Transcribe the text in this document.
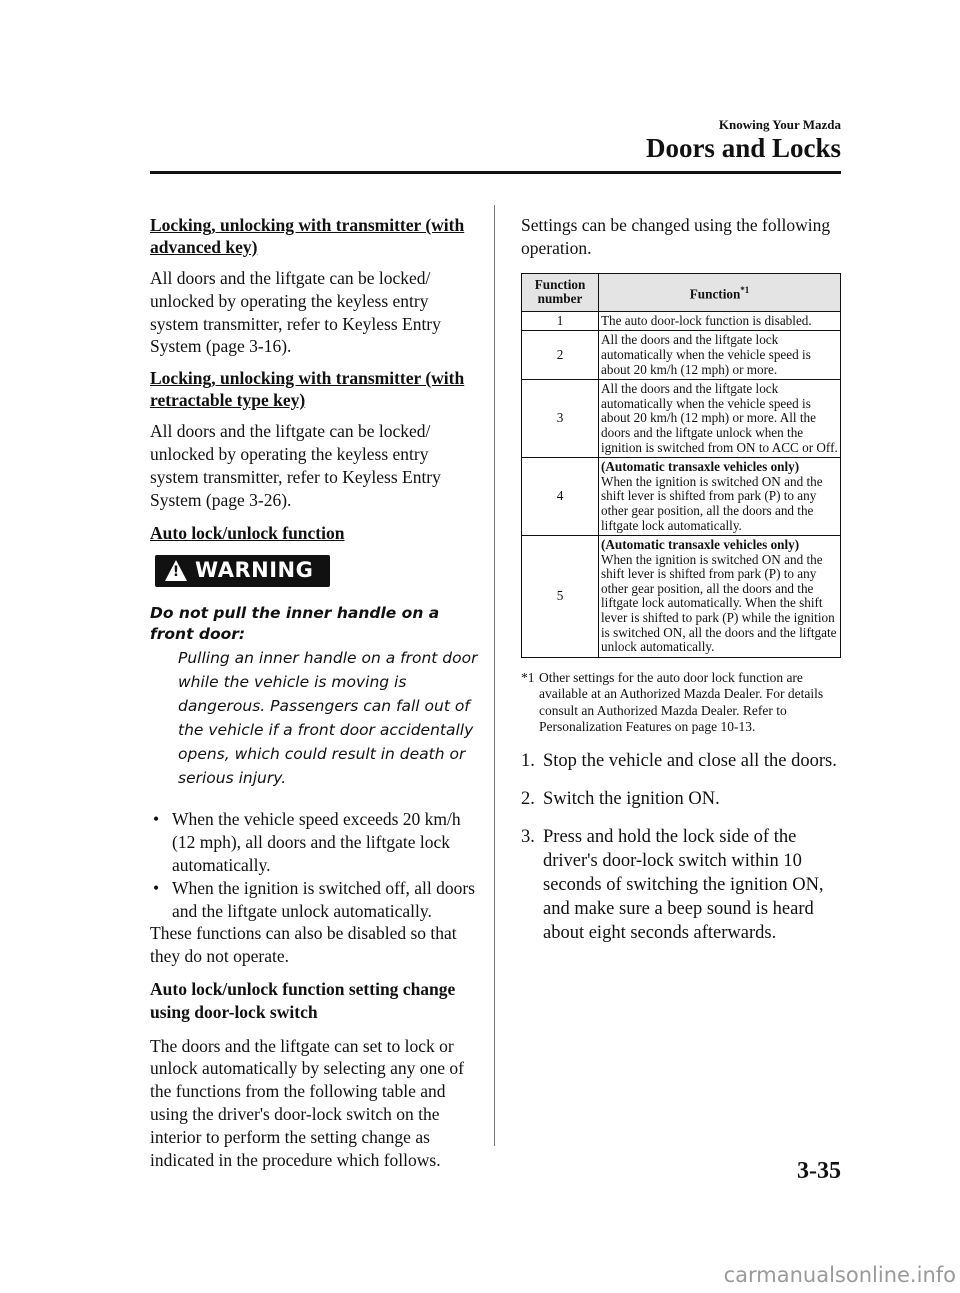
Knowing Your Mazda
Doors and Locks
Locking, unlocking with transmitter (with advanced key)
All doors and the liftgate can be locked/ unlocked by operating the keyless entry system transmitter, refer to Keyless Entry System (page 3-16).
Locking, unlocking with transmitter (with retractable type key)
All doors and the liftgate can be locked/ unlocked by operating the keyless entry system transmitter, refer to Keyless Entry System (page 3-26).
Auto lock/unlock function
! WARNING
Do not pull the inner handle on a front door:
Pulling an inner handle on a front door while the vehicle is moving is dangerous. Passengers can fall out of the vehicle if a front door accidentally opens, which could result in death or serious injury.
• When the vehicle speed exceeds 20 km/h (12 mph), all doors and the liftgate lock automatically.
• When the ignition is switched off, all doors and the liftgate unlock automatically.
These functions can also be disabled so that they do not operate.
Auto lock/unlock function setting change using door-lock switch
The doors and the liftgate can set to lock or unlock automatically by selecting any one of the functions from the following table and using the driver's door-lock switch on the interior to perform the setting change as indicated in the procedure which follows.
Settings can be changed using the following operation.
Function number	Function$^{*1}$
1	The auto door-lock function is disabled.
2	All the doors and the liftgate lock automatically when the vehicle speed is about 20 km/h (12 mph) or more.
3	All the doors and the liftgate lock automatically when the vehicle speed is about 20 km/h (12 mph) or more. All the doors and the liftgate unlock when the ignition is switched from ON to ACC or Off.
4	(Automatic transaxle vehicles only)
When the ignition is switched ON and the shift lever is shifted from park (P) to any other gear position, all the doors and the liftgate lock automatically.
5	(Automatic transaxle vehicles only)
When the ignition is switched ON and the shift lever is shifted from park (P) to any other gear position, all the doors and the liftgate lock automatically. When the shift lever is shifted to park (P) while the ignition is switched ON, all the doors and the liftgate unlock automatically.
*1 Other settings for the auto door lock function are available at an Authorized Mazda Dealer. For details consult an Authorized Mazda Dealer. Refer to Personalization Features on page 10-13.
1. Stop the vehicle and close all the doors.
2. Switch the ignition ON.
3. Press and hold the lock side of the driver's door-lock switch within 10 seconds of switching the ignition ON, and make sure a beep sound is heard about eight seconds afterwards.
3-35
carmanualsonline.info
